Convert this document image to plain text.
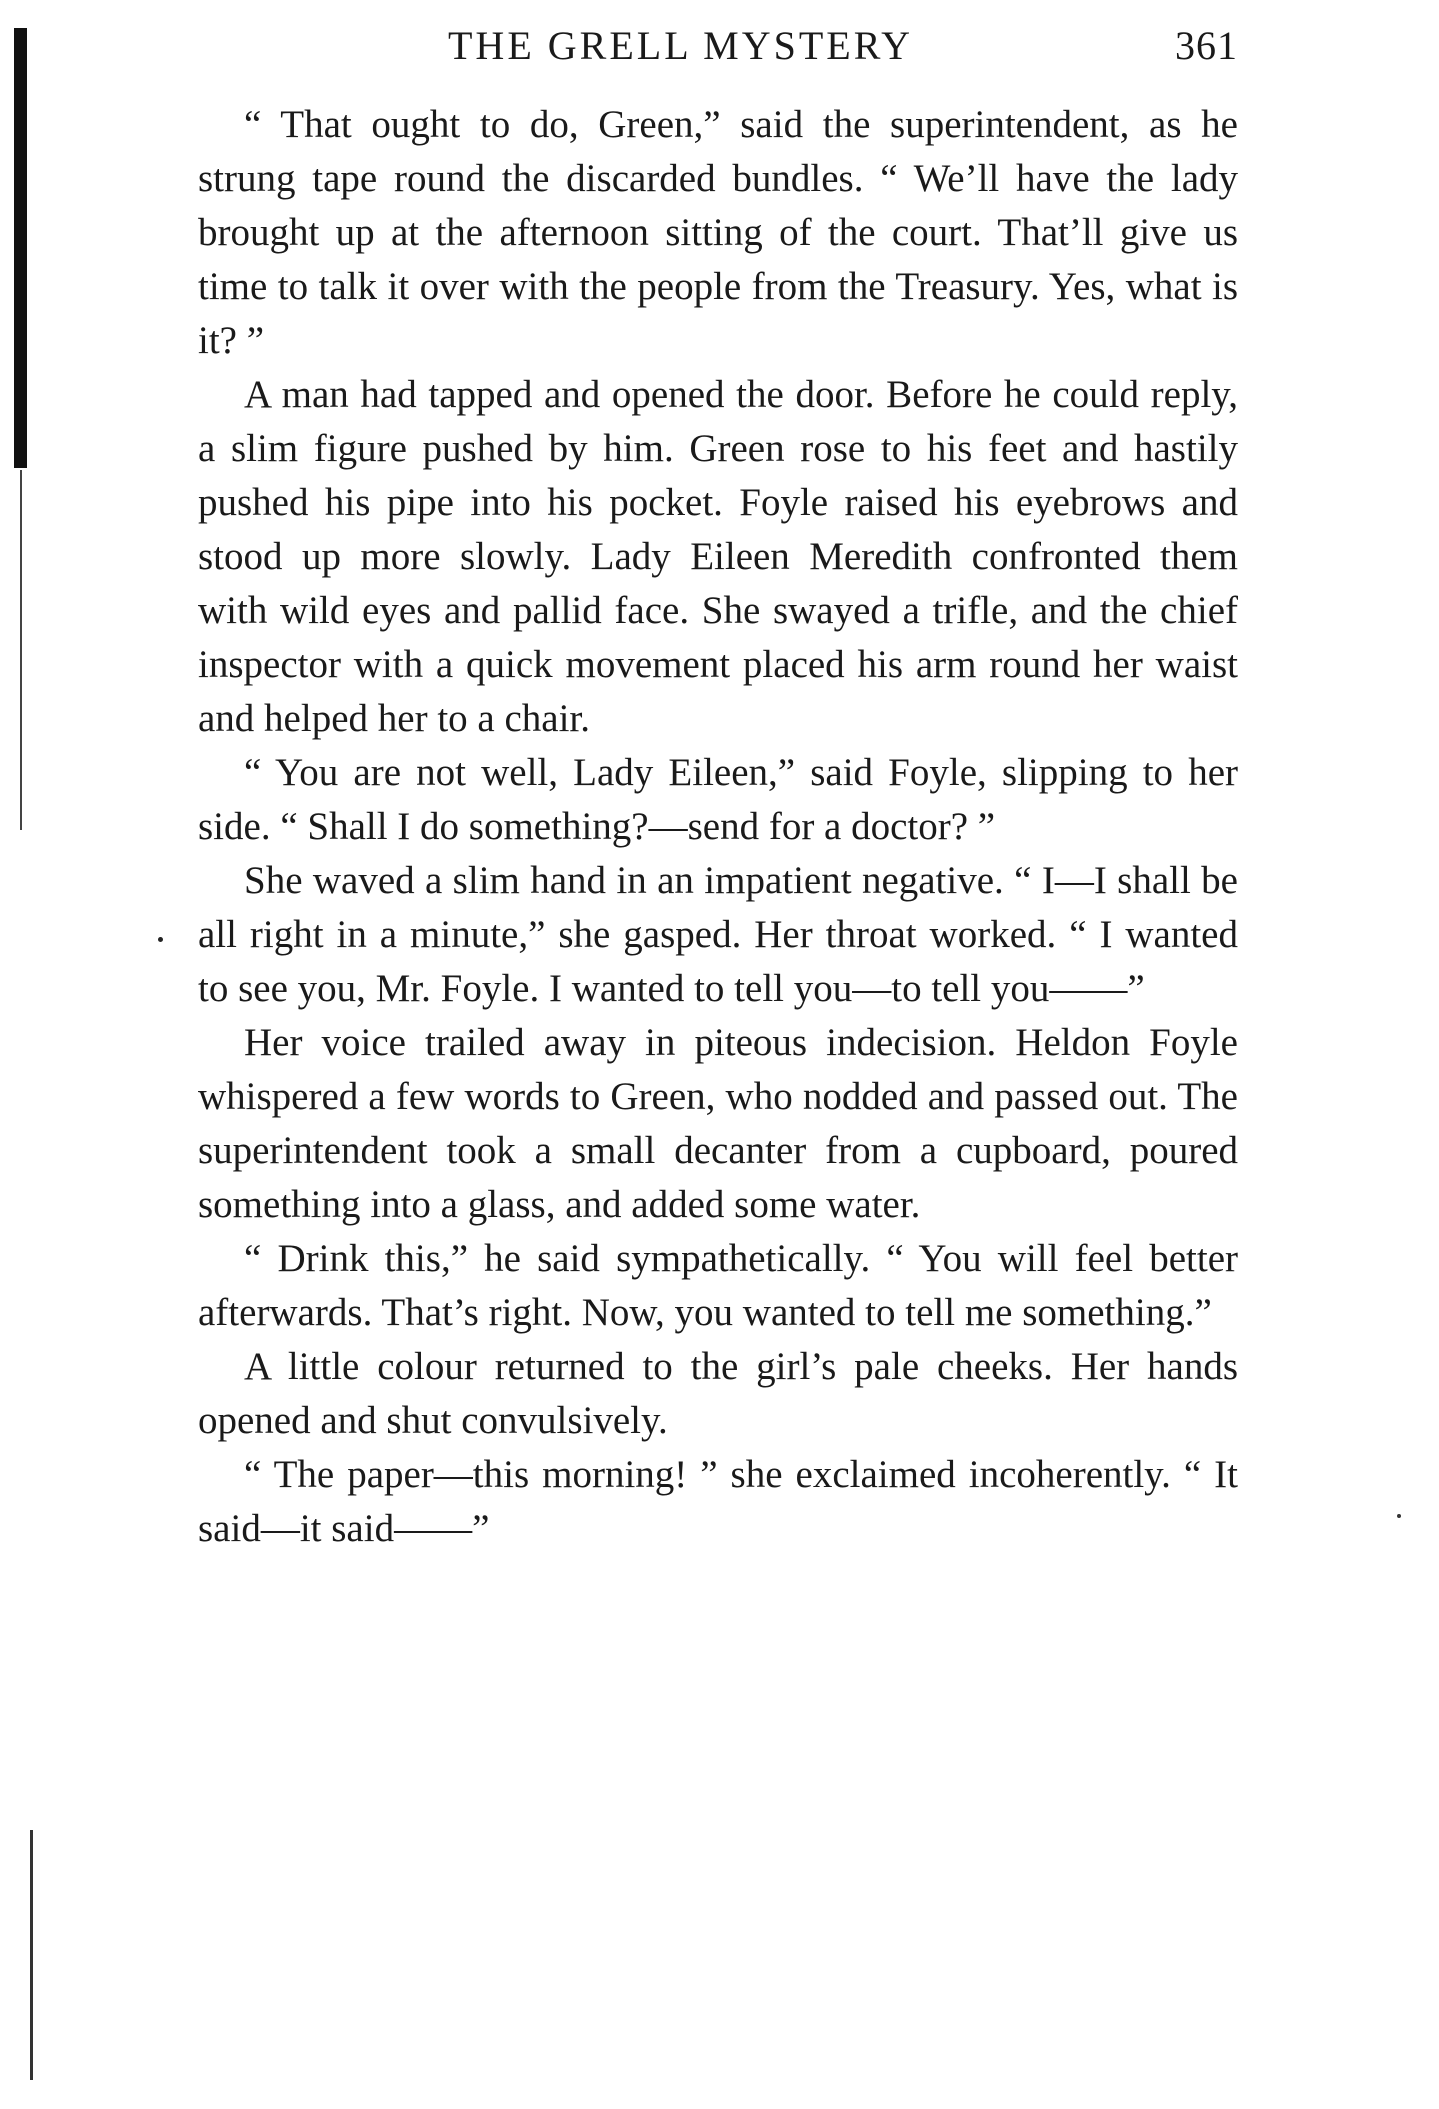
THE GRELL MYSTERY	361

“ That ought to do, Green,” said the superintendent, as he strung tape round the discarded bundles. “ We’ll have the lady brought up at the afternoon sitting of the court. That’ll give us time to talk it over with the people from the Treasury. Yes, what is it? ”

A man had tapped and opened the door. Before he could reply, a slim figure pushed by him. Green rose to his feet and hastily pushed his pipe into his pocket. Foyle raised his eyebrows and stood up more slowly. Lady Eileen Meredith confronted them with wild eyes and pallid face. She swayed a trifle, and the chief inspector with a quick movement placed his arm round her waist and helped her to a chair.

“ You are not well, Lady Eileen,” said Foyle, slipping to her side. “ Shall I do something?—send for a doctor? ”

She waved a slim hand in an impatient negative. “ I—I shall be all right in a minute,” she gasped. Her throat worked. “ I wanted to see you, Mr. Foyle. I wanted to tell you—to tell you——”

Her voice trailed away in piteous indecision. Heldon Foyle whispered a few words to Green, who nodded and passed out. The superintendent took a small decanter from a cupboard, poured something into a glass, and added some water.

“ Drink this,” he said sympathetically. “ You will feel better afterwards. That’s right. Now, you wanted to tell me something.”

A little colour returned to the girl’s pale cheeks. Her hands opened and shut convulsively.

“ The paper—this morning! ” she exclaimed incoherently. “ It said—it said——”
